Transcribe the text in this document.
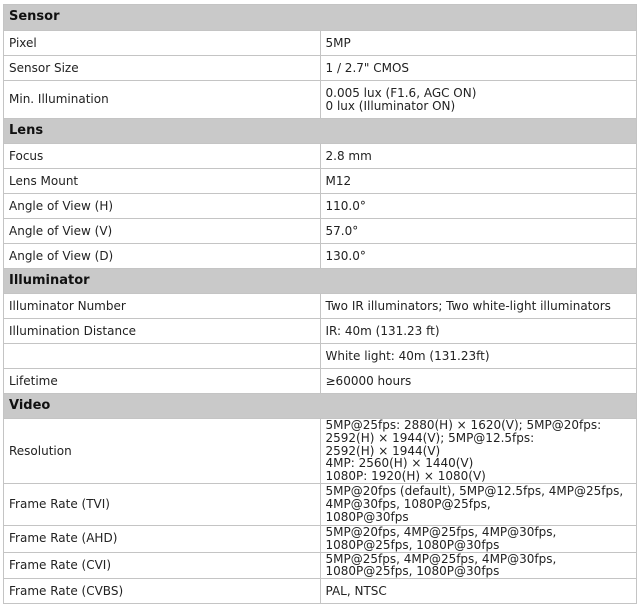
Sensor	
Pixel	5MP
Sensor Size	1 / 2.7" CMOS
Min. Illumination	0.005 lux (F1.6, AGC ON)
0 lux (Illuminator ON)
Lens	
Focus	2.8 mm
Lens Mount	M12
Angle of View (H)	110.0°
Angle of View (V)	57.0°
Angle of View (D)	130.0°
Illuminator	
Illuminator Number	Two IR illuminators; Two white-light illuminators
Illumination Distance	IR: 40m (131.23 ft)
	White light: 40m (131.23ft)
Lifetime	≥60000 hours
Video	
Resolution	5MP@25fps: 2880(H) × 1620(V); 5MP@20fps: 2592(H) × 1944(V); 5MP@12.5fps:
2592(H) × 1944(V)
4MP: 2560(H) × 1440(V)
1080P: 1920(H) × 1080(V)
Frame Rate (TVI)	5MP@20fps (default), 5MP@12.5fps, 4MP@25fps, 4MP@30fps, 1080P@25fps,
1080P@30fps
Frame Rate (AHD)	5MP@20fps, 4MP@25fps, 4MP@30fps, 1080P@25fps, 1080P@30fps
Frame Rate (CVI)	5MP@25fps, 4MP@25fps, 4MP@30fps, 1080P@25fps, 1080P@30fps
Frame Rate (CVBS)	PAL, NTSC
